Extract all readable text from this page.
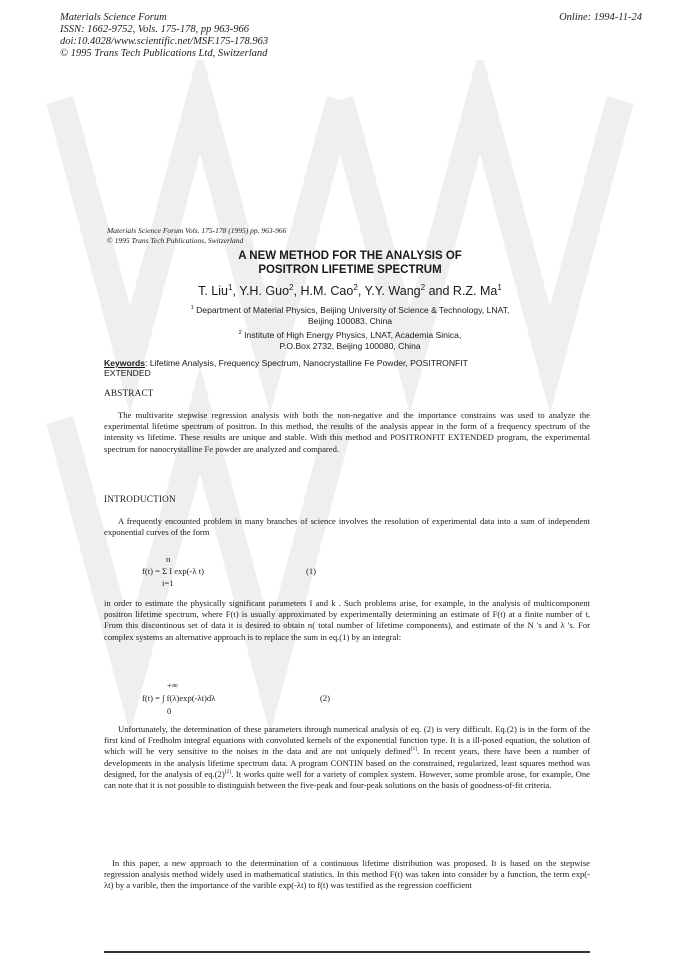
Materials Science Forum
ISSN: 1662-9752, Vols. 175-178, pp 963-966
doi:10.4028/www.scientific.net/MSF.175-178.963
© 1995 Trans Tech Publications Ltd, Switzerland
Online: 1994-11-24
Materials Science Forum Vols. 175-178 (1995) pp. 963-966
© 1995 Trans Tech Publications, Switzerland
A NEW METHOD FOR THE ANALYSIS OF
POSITRON LIFETIME SPECTRUM
T. Liu$^1$, Y.H. Guo$^2$, H.M. Cao$^2$, Y.Y. Wang$^2$ and R.Z. Ma$^1$
$^1$ Department of Material Physics, Beijing University of Science & Technology, LNAT,
Beijing 100083, China
$^2$ Institute of High Energy Physics, LNAT, Academia Sinica,
P.O.Box 2732, Beijing 100080, China
Keywords: Lifetime Analysis, Frequency Spectrum, Nanocrystalline Fe Powder, POSITRONFIT
EXTENDED
ABSTRACT
The multivarite stepwise regression analysis with both the non-negative and the importance constrains was used to analyze the experimental lifetime spectrum of positron. In this method, the results of the analysis appear in the form of a frequency spectrum of the intensity vs lifetime. These results are unique and stable. With this method and POSITRONFIT EXTENDED program, the experimental spectrum for nanocrystalline Fe powder are analyzed and compared.
INTRODUCTION
A frequently encounted problem in many branches of science involves the resolution of experimental data into a sum of independent exponential curves of the form
n
f(t) = Σ I exp(-λ t)
i=1
(1)
in order to estimate the physically significant parameters I and k . Such problems arise, for example, in the analysis of multicomponent positron lifetime spectrum, where F(t) is usually approximated by experimentally determining an estimate of F(t) at a finite number of t, From this discontinous set of data it is desired to obtain n( total number of lifetime components), and estimate of the N 's and λ 's. For complex systems an alternative approach is to replace the sum in eq.(1) by an integral:
+∞
f(t) = ∫ f(λ)exp(-λt)dλ
0
(2)
Unfortunately, the determination of these parameters through numerical analysis of eq. (2) is very difficult. Eq.(2) is in the form of the first kind of Fredholm integral equations with convoluted kernels of the exponential function type. It is a ill-posed equation, the solution of which will be very sensitive to the noises in the data and are not uniquely defined[1]. In recent years, there have been a number of developments in the analysis lifetime spectrum data. A program CONTIN based on the constrained, regularized, least squares method was designed, for the analysis of eq.(2)[2]. It works quite well for a variety of complex system. However, some promble arose, for example, One can note that it is not possible to distinguish between the five-peak and four-peak solutions on the basis of goodness-of-fit criteria.
In this paper, a new approach to the determination of a continuous lifetime distribution was proposed. It is based on the stepwise regression analysis method widely used in mathematical statistics. In this method F(t) was taken into consider by a function, the term exp(-λt) by a varible, then the importance of the varible exp(-λt) to f(t) was testified as the regression coefficient
